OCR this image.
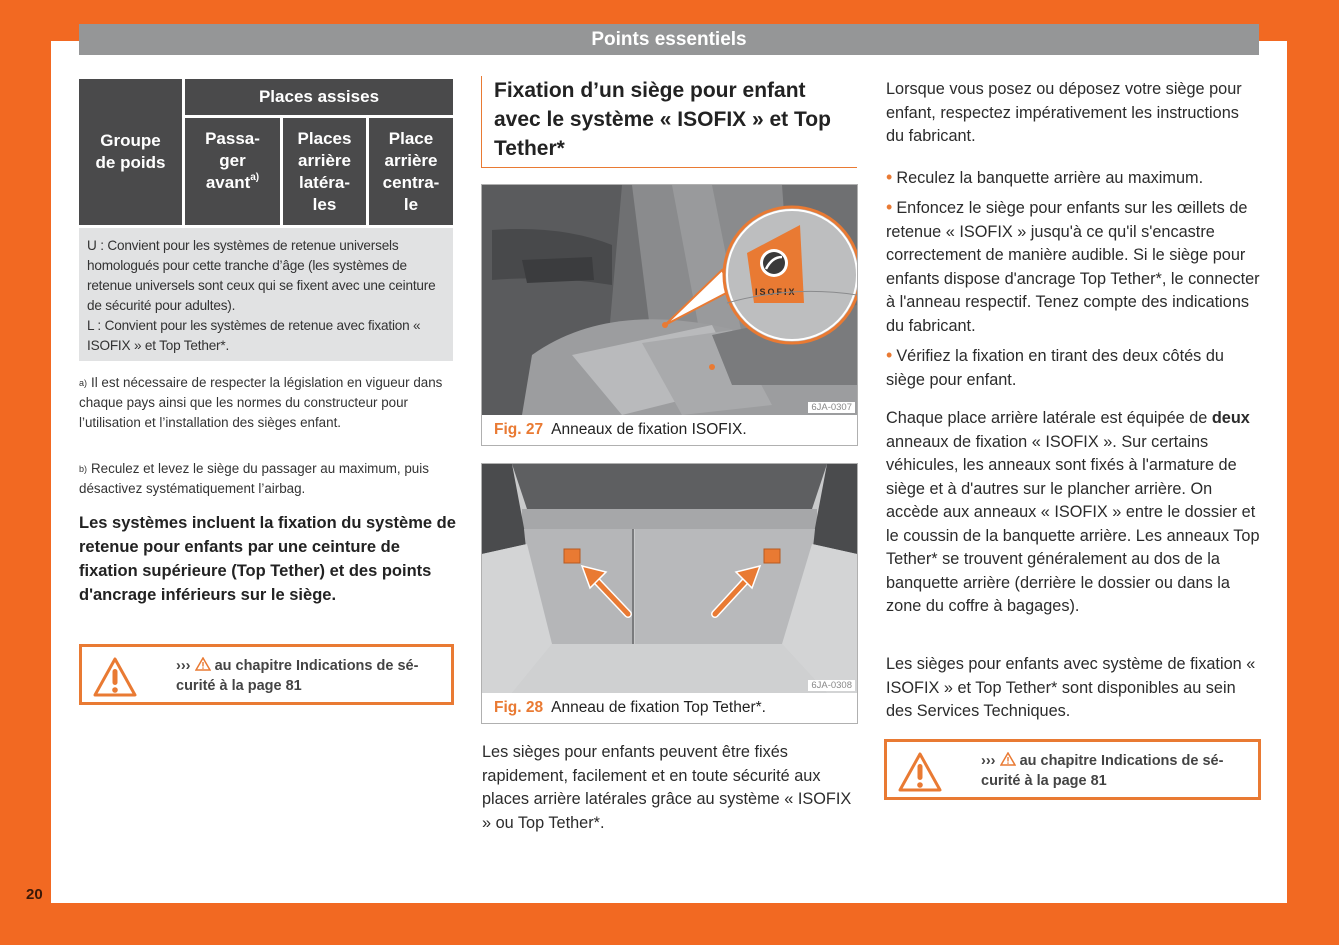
Points essentiels
20
Groupe
de poids
Places assises
Passa-
ger
avant$^{a)}$

Places
arrière
latéra-
les
Place
arrière
centra-
le
U : Convient pour les systèmes de retenue universels homologués pour cette tranche d’âge (les systèmes de retenue universels sont ceux qui se fixent avec une ceinture de sécurité pour adultes).
L : Convient pour les systèmes de retenue avec fixation « ISOFIX » et Top Tether*.
$^{a)}$ Il est nécessaire de respecter la législation en vigueur dans chaque pays ainsi que les normes du constructeur pour l’utilisation et l’installation des sièges enfant.
$^{b)}$ Reculez et levez le siège du passager au maximum, puis désactivez systématiquement l’airbag.
Les systèmes incluent la fixation du système de retenue pour enfants par une ceinture de fixation supérieure (Top Tether) et des points d'ancrage inférieurs sur le siège.
››› au chapitre Indications de sé-
curité à la page 81
Fixation d’un siège pour enfant avec le système « ISOFIX » et Top Tether*
ISOFIX
6JA-0307
Fig. 27 Anneaux de fixation ISOFIX.
6JA-0308
Fig. 28 Anneau de fixation Top Tether*.
Les sièges pour enfants peuvent être fixés rapidement, facilement et en toute sécurité aux places arrière latérales grâce au système « ISOFIX » ou Top Tether*.
Lorsque vous posez ou déposez votre siège pour enfant, respectez impérativement les instructions du fabricant.
• Reculez la banquette arrière au maximum.
• Enfoncez le siège pour enfants sur les œillets de retenue « ISOFIX » jusqu'à ce qu'il s'encastre correctement de manière audible. Si le siège pour enfants dispose d'ancrage Top Tether*, le connecter à l'anneau respectif. Tenez compte des indications du fabricant.
• Vérifiez la fixation en tirant des deux côtés du siège pour enfant.
Chaque place arrière latérale est équipée de deux anneaux de fixation « ISOFIX ». Sur certains véhicules, les anneaux sont fixés à l'armature de siège et à d'autres sur le plancher arrière. On accède aux anneaux « ISOFIX » entre le dossier et le coussin de la banquette arrière. Les anneaux Top Tether* se trouvent généralement au dos de la banquette arrière (derrière le dossier ou dans la zone du coffre à bagages).
Les sièges pour enfants avec système de fixation « ISOFIX » et Top Tether* sont disponibles au sein des Services Techniques.
››› au chapitre Indications de sé-
curité à la page 81
